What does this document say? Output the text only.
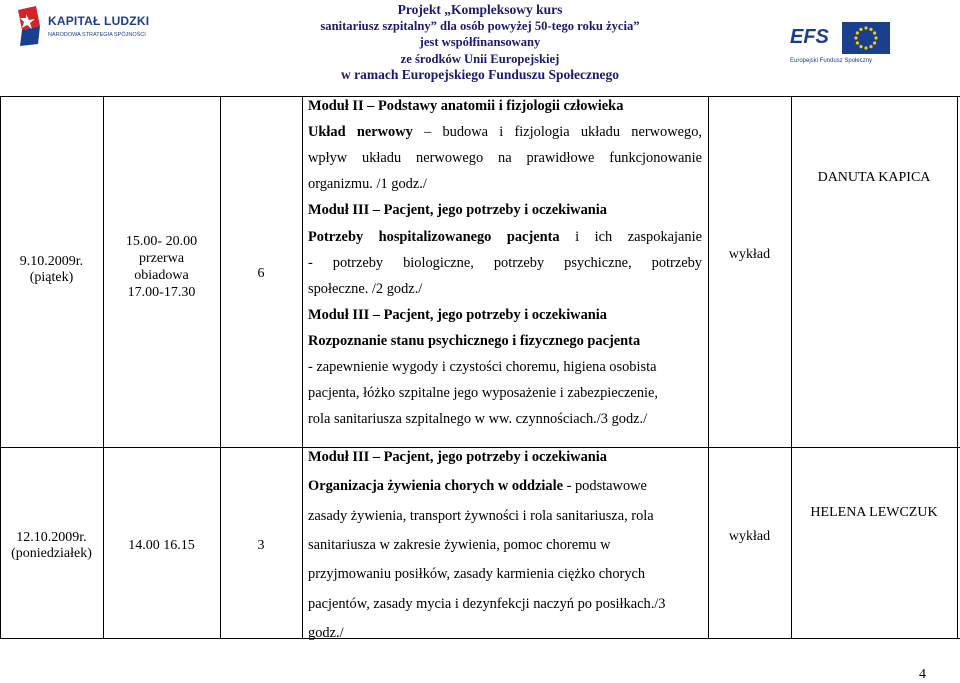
KAPITAŁ LUDZKI
NARODOWA STRATEGIA SPÓJNOŚCI
Projekt „Kompleksowy kurs
sanitariusz szpitalny” dla osób powyżej 50-tego roku życia”
jest współfinansowany
ze środków Unii Europejskiej
w ramach Europejskiego Funduszu Społecznego
EFS
Europejski Fundusz Społeczny
9.10.2009r.
(piątek)
15.00- 20.00
przerwa
obiadowa
17.00-17.30
6
wykład
DANUTA KAPICA
Moduł II – Podstawy anatomii i fizjologii człowieka
Układ nerwowy – budowa i fizjologia układu nerwowego,
wpływ układu nerwowego na prawidłowe funkcjonowanie
organizmu. /1 godz./
Moduł III – Pacjent, jego potrzeby i oczekiwania
Potrzeby hospitalizowanego pacjenta i ich zaspokajanie
- potrzeby biologiczne, potrzeby psychiczne, potrzeby
społeczne. /2 godz./
Moduł III – Pacjent, jego potrzeby i oczekiwania
Rozpoznanie stanu psychicznego i fizycznego pacjenta
- zapewnienie wygody i czystości choremu, higiena osobista
pacjenta, łóżko szpitalne jego wyposażenie i zabezpieczenie,
rola sanitariusza szpitalnego w ww. czynnościach./3 godz./
12.10.2009r.
(poniedziałek)
14.00 16.15	3
wykład
HELENA LEWCZUK
Moduł III – Pacjent, jego potrzeby i oczekiwania
Organizacja żywienia chorych w oddziale - podstawowe
zasady żywienia, transport żywności i rola sanitariusza, rola
sanitariusza w zakresie żywienia, pomoc choremu w
przyjmowaniu posiłków, zasady karmienia ciężko chorych
pacjentów, zasady mycia i dezynfekcji naczyń po posiłkach./3
godz./
4
